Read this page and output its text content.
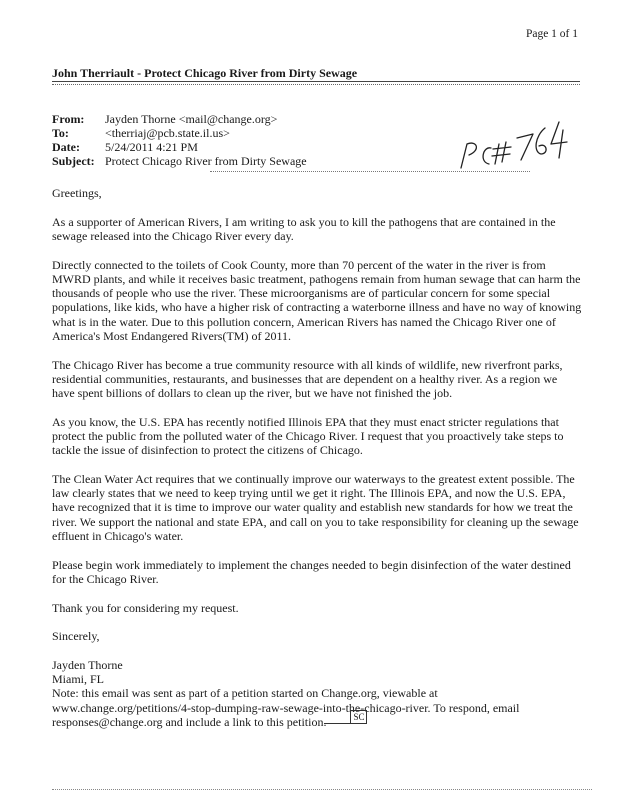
Page 1 of 1
John Therriault - Protect Chicago River from Dirty Sewage
From:	Jayden Thorne <mail@change.org>
To:	<therriaj@pcb.state.il.us>
Date:	5/24/2011 4:21 PM
Subject: Protect Chicago River from Dirty Sewage

Greetings,

As a supporter of American Rivers, I am writing to ask you to kill the pathogens that are contained in the sewage released into the Chicago River every day.

Directly connected to the toilets of Cook County, more than 70 percent of the water in the river is from MWRD plants, and while it receives basic treatment, pathogens remain from human sewage that can harm the thousands of people who use the river. These microorganisms are of particular concern for some special populations, like kids, who have a higher risk of contracting a waterborne illness and have no way of knowing what is in the water. Due to this pollution concern, American Rivers has named the Chicago River one of America's Most Endangered Rivers(TM) of 2011.

The Chicago River has become a true community resource with all kinds of wildlife, new riverfront parks, residential communities, restaurants, and businesses that are dependent on a healthy river. As a region we have spent billions of dollars to clean up the river, but we have not finished the job.

As you know, the U.S. EPA has recently notified Illinois EPA that they must enact stricter regulations that protect the public from the polluted water of the Chicago River. I request that you proactively take steps to tackle the issue of disinfection to protect the citizens of Chicago.

The Clean Water Act requires that we continually improve our waterways to the greatest extent possible. The law clearly states that we need to keep trying until we get it right. The Illinois EPA, and now the U.S. EPA, have recognized that it is time to improve our water quality and establish new standards for how we treat the river. We support the national and state EPA, and call on you to take responsibility for cleaning up the sewage effluent in Chicago's water.

Please begin work immediately to implement the changes needed to begin disinfection of the water destined for the Chicago River.

Thank you for considering my request.

Sincerely,

Jayden Thorne

Miami, FL

Note: this email was sent as part of a petition started on Change.org, viewable at

www.change.org/petitions/4-stop-dumping-raw-sewage-into-the-chicago-river. To respond, email

responses@change.org and include a link to this petition.	SC
